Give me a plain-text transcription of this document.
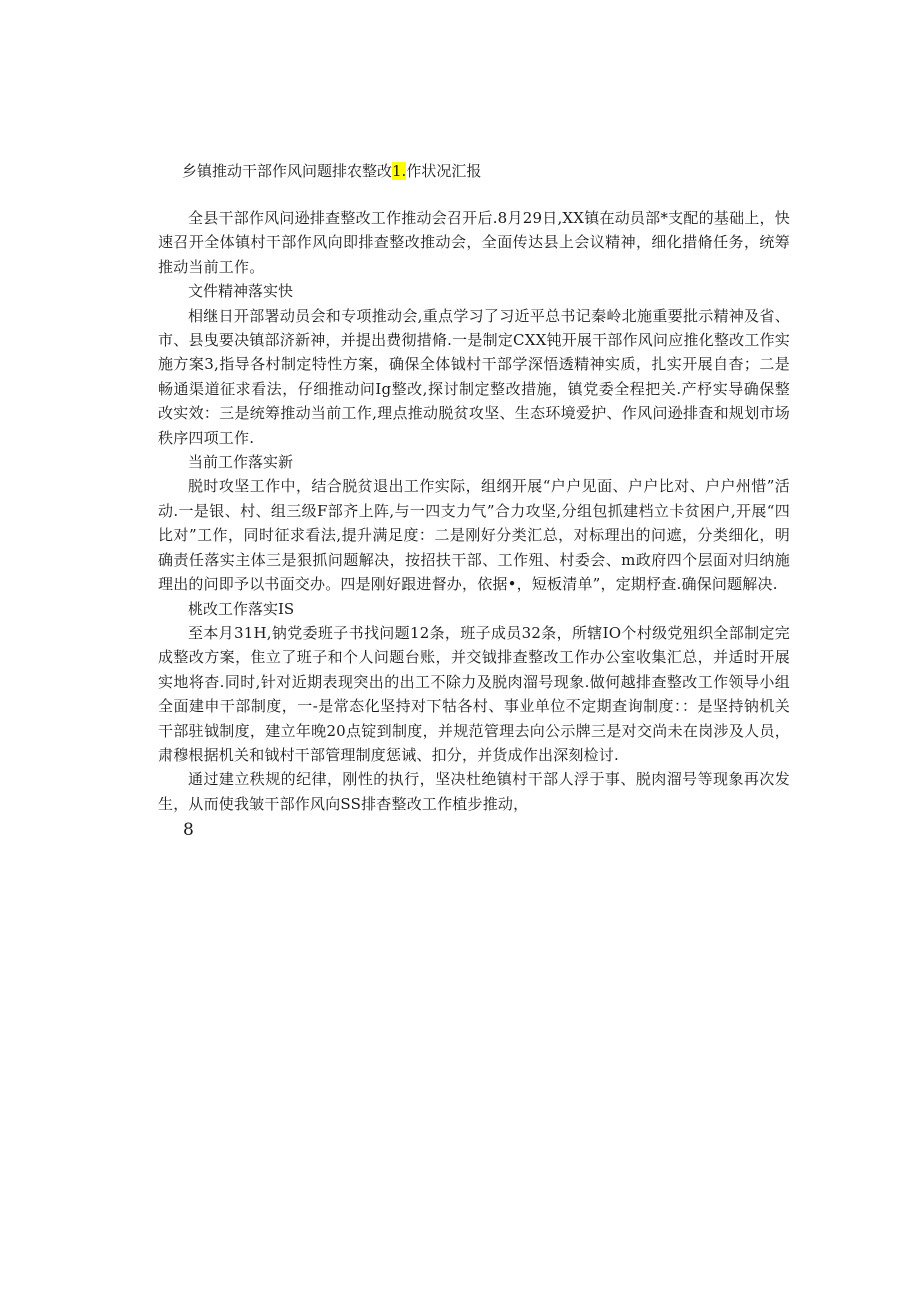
乡镇推动干部作风问题排农整改1.作状况汇报

全县干部作风问逊排查整改工作推动会召开后.8月29日,XX镇在动员部*支配的基础上，快速召开全体镇村干部作风向即排查整改推动会，全面传达县上会议精神，细化措脩任务，统筹推动当前工作。

文件精神落实快

相继日开部署动员会和专项推动会,重点学习了习近平总书记秦岭北施重要批示精神及省、市、县曳要决镇部济新神，并提出费彻措脩.一是制定CXX钝开展干部作风问应推化整改工作实施方案3,指导各村制定特性方案，确保全体钺村干部学深悟透精神实质，扎实开展自杳；二是畅通渠道征求看法，仔细推动问Ig整改,探讨制定整改措施，镇党委全程把关.产杼实导确保整改实效：三是统筹推动当前工作,理点推动脱贫攻坚、生态环境爱护、作风问逊排査和规划市场秩序四项工作.

当前工作落实新

脱时攻坚工作中，结合脱贫退出工作实际，组纲开展“户户见面、户户比对、户户州惜”活动.一是银、村、组三级F部齐上阵,与一四支力气”合力攻坚,分组包抓建档立卡贫困户,开展“四比对”工作，同时征求看法,提升满足度：二是刚好分类汇总，对标理出的问遮，分类细化，明确责任落实主体三是狠抓问题解决，按招扶干部、工作殂、村委会、m政府四个层面对归纳施理出的问即予以书面交办。四是刚好跟进督办，依据•，短板清单”，定期杼查.确保问题解决.

桃改工作落实IS

至本月31H,钠党委班子书找问题12条，班子成员32条，所辖IO个村级党殂织全部制定完成整改方案，隹立了班子和个人问题台账，并交钺排查整改工作办公室收集汇总，并适时开展实地将杳.同时,针对近期表现突出的出工不除力及脱肉溜号现象.做何越排查整改工作领导小组全面建申干部制度，一-是常态化坚持对下牯各村、事业单位不定期查询制度：：是坚持钠机关干部驻钺制度，建立年晚20点锭到制度，并规范管理去向公示牌三是对交尚未在岗涉及人员，肃穆根据机关和钺村干部管理制度惩诫、扣分，并货成作出深刻检讨.

通过建立秩规的纪律，刚性的执行，坚决杜绝镇村干部人浮于事、脱肉溜号等现象再次发生，从而使我皱干部作风向SS排杳整改工作植步推动，

8
